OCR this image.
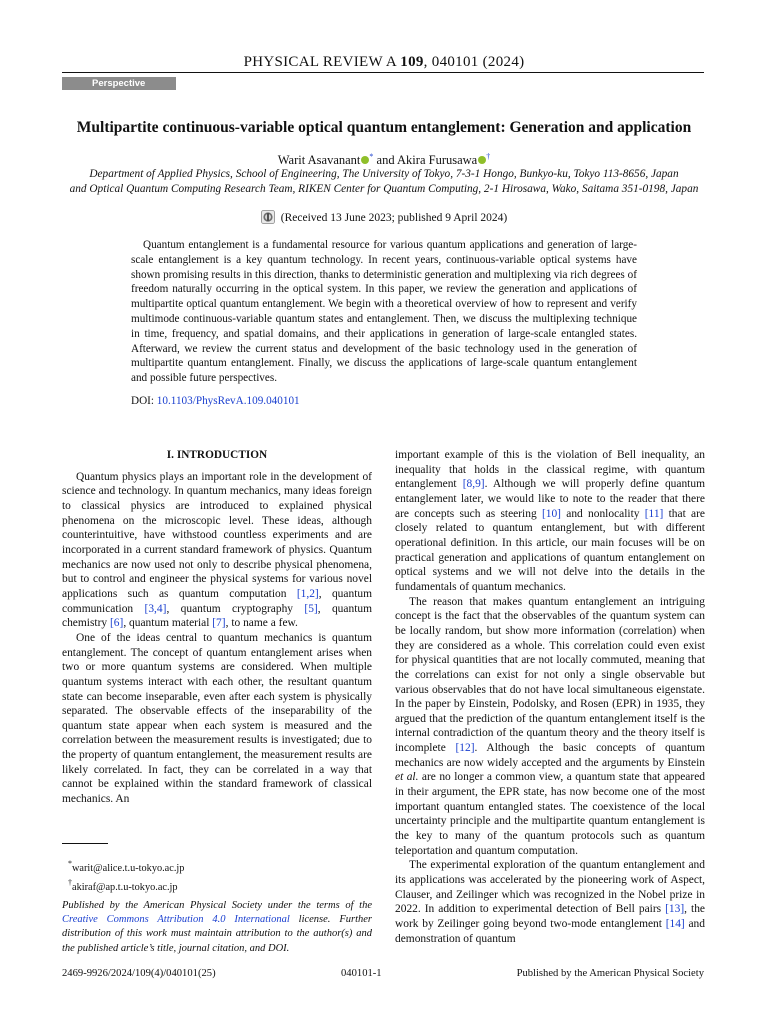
PHYSICAL REVIEW A 109, 040101 (2024)
Perspective
Multipartite continuous-variable optical quantum entanglement: Generation and application
Warit Asavanant * and Akira Furusawa †
Department of Applied Physics, School of Engineering, The University of Tokyo, 7-3-1 Hongo, Bunkyo-ku, Tokyo 113-8656, Japan
and Optical Quantum Computing Research Team, RIKEN Center for Quantum Computing, 2-1 Hirosawa, Wako, Saitama 351-0198, Japan
(Received 13 June 2023; published 9 April 2024)

Quantum entanglement is a fundamental resource for various quantum applications and generation of large-scale entanglement is a key quantum technology. In recent years, continuous-variable optical systems have shown promising results in this direction, thanks to deterministic generation and multiplexing via rich degrees of freedom naturally occurring in the optical system. In this paper, we review the generation and applications of multipartite optical quantum entanglement. We begin with a theoretical overview of how to represent and verify multimode continuous-variable quantum states and entanglement. Then, we discuss the multiplexing technique in time, frequency, and spatial domains, and their applications in generation of large-scale entangled states. Afterward, we review the current status and development of the basic technology used in the generation of multipartite quantum entanglement. Finally, we discuss the applications of large-scale quantum entanglement and possible future perspectives.

DOI: 10.1103/PhysRevA.109.040101
I. INTRODUCTION

Quantum physics plays an important role in the development of science and technology. In quantum mechanics, many ideas foreign to classical physics are introduced to explained physical phenomena on the microscopic level. These ideas, although counterintuitive, have withstood countless experiments and are incorporated in a current standard framework of physics. Quantum mechanics are now used not only to describe physical phenomena, but to control and engineer the physical systems for various novel applications such as quantum computation [1,2], quantum communication [3,4], quantum cryptography [5], quantum chemistry [6], quantum material [7], to name a few.

One of the ideas central to quantum mechanics is quantum entanglement. The concept of quantum entanglement arises when two or more quantum systems are considered. When multiple quantum systems interact with each other, the resultant quantum state can become inseparable, even after each system is physically separated. The observable effects of the inseparability of the quantum state appear when each system is measured and the correlation between the measurement results is investigated; due to the property of quantum entanglement, the measurement results are likely correlated. In fact, they can be correlated in a way that cannot be explained within the standard framework of classical mechanics. An

important example of this is the violation of Bell inequality, an inequality that holds in the classical regime, with quantum entanglement [8,9]. Although we will properly define quantum entanglement later, we would like to note to the reader that there are concepts such as steering [10] and nonlocality [11] that are closely related to quantum entanglement, but with different operational definition. In this article, our main focuses will be on practical generation and applications of quantum entanglement on optical systems and we will not delve into the details in the fundamentals of quantum mechanics.

The reason that makes quantum entanglement an intriguing concept is the fact that the observables of the quantum system can be locally random, but show more information (correlation) when they are considered as a whole. This correlation could even exist for physical quantities that are not locally commuted, meaning that the correlations can exist for not only a single observable but various observables that do not have local simultaneous eigenstate. In the paper by Einstein, Podolsky, and Rosen (EPR) in 1935, they argued that the prediction of the quantum entanglement itself is the internal contradiction of the quantum theory and the theory itself is incomplete [12]. Although the basic concepts of quantum mechanics are now widely accepted and the arguments by Einstein et al. are no longer a common view, a quantum state that appeared in their argument, the EPR state, has now become one of the most important quantum entangled states. The coexistence of the local uncertainty principle and the multipartite quantum entanglement is the key to many of the quantum protocols such as quantum teleportation and quantum computation.

The experimental exploration of the quantum entanglement and its applications was accelerated by the pioneering work of Aspect, Clauser, and Zeilinger which was recognized in the Nobel prize in 2022. In addition to experimental detection of Bell pairs [13], the work by Zeilinger going beyond two-mode entanglement [14] and demonstration of quantum

*warit@alice.t.u-tokyo.ac.jp
†akiraf@ap.t.u-tokyo.ac.jp
Published by the American Physical Society under the terms of the Creative Commons Attribution 4.0 International license. Further distribution of this work must maintain attribution to the author(s) and the published article’s title, journal citation, and DOI.
2469-9926/2024/109(4)/040101(25)	040101-1	Published by the American Physical Society
